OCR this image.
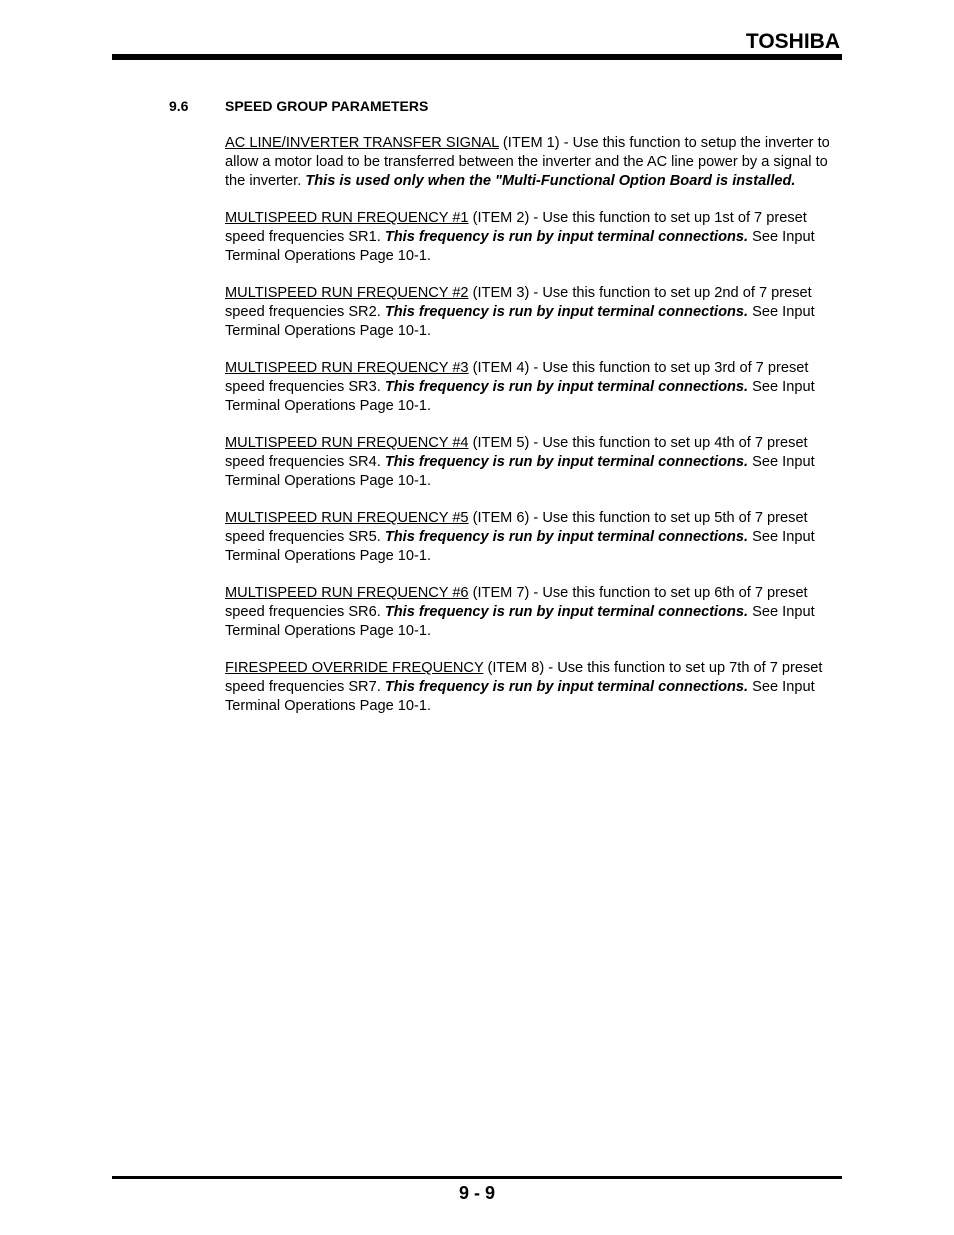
TOSHIBA
9.6	SPEED GROUP PARAMETERS

AC LINE/INVERTER TRANSFER SIGNAL (ITEM 1) - Use this function to setup the inverter to allow a motor load to be transferred between the inverter and the AC line power by a signal to the inverter. This is used only when the "Multi-Functional Option Board is installed.

MULTISPEED RUN FREQUENCY #1 (ITEM 2) - Use this function to set up 1st of 7 preset speed frequencies SR1. This frequency is run by input terminal connections. See Input Terminal Operations Page 10-1.

MULTISPEED RUN FREQUENCY #2 (ITEM 3) - Use this function to set up 2nd of 7 preset speed frequencies SR2. This frequency is run by input terminal connections. See Input Terminal Operations Page 10-1.

MULTISPEED RUN FREQUENCY #3 (ITEM 4) - Use this function to set up 3rd of 7 preset speed frequencies SR3. This frequency is run by input terminal connections. See Input Terminal Operations Page 10-1.

MULTISPEED RUN FREQUENCY #4 (ITEM 5) - Use this function to set up 4th of 7 preset speed frequencies SR4. This frequency is run by input terminal connections. See Input Terminal Operations Page 10-1.

MULTISPEED RUN FREQUENCY #5 (ITEM 6) - Use this function to set up 5th of 7 preset speed frequencies SR5. This frequency is run by input terminal connections. See Input Terminal Operations Page 10-1.

MULTISPEED RUN FREQUENCY #6 (ITEM 7) - Use this function to set up 6th of 7 preset speed frequencies SR6. This frequency is run by input terminal connections. See Input Terminal Operations Page 10-1.

FIRESPEED OVERRIDE FREQUENCY (ITEM 8) - Use this function to set up 7th of 7 preset speed frequencies SR7. This frequency is run by input terminal connections. See Input Terminal Operations Page 10-1.

9 - 9
